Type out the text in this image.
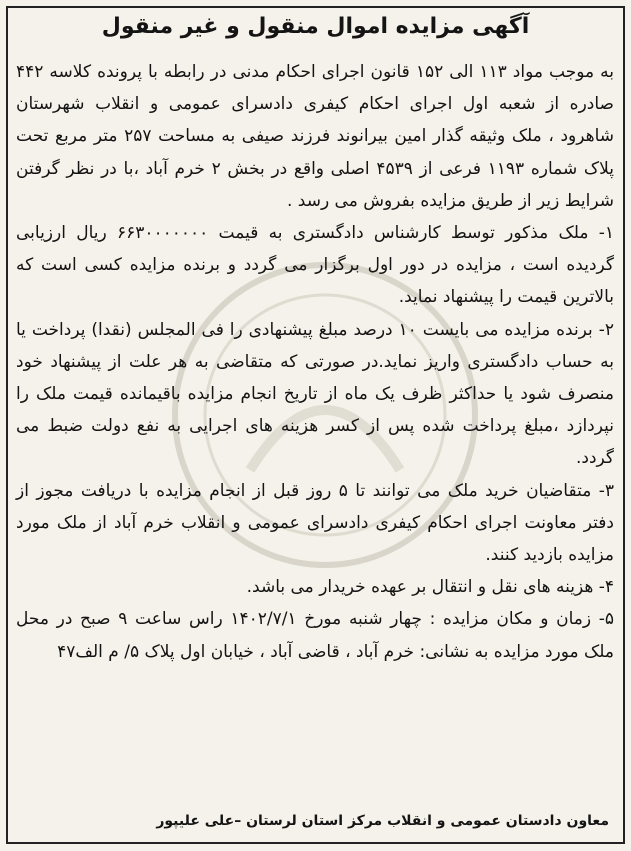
آگهی مزایده اموال منقول و غیر منقول

به موجب مواد ۱۱۳ الی ۱۵۲ قانون اجرای احکام مدنی در رابطه با پرونده کلاسه ۴۴۲ صادره از شعبه اول اجرای احکام کیفری دادسرای عمومی و انقلاب شهرستان شاهرود ، ملک وثیقه گذار امین بیرانوند فرزند صیفی به مساحت ۲۵۷ متر مربع تحت پلاک شماره ۱۱۹۳ فرعی از ۴۵۳۹ اصلی واقع در بخش ۲ خرم آباد ،با در نظر گرفتن شرایط زیر از طریق مزایده بفروش می رسد .

۱- ملک مذکور توسط کارشناس دادگستری به قیمت ۶۶۳۰۰۰۰۰۰۰ ریال ارزیابی گردیده است ، مزایده در دور اول برگزار می گردد و برنده مزایده کسی است که بالاترین قیمت را پیشنهاد نماید.

۲- برنده مزایده می بایست ۱۰ درصد مبلغ پیشنهادی را فی المجلس (نقدا) پرداخت یا به حساب دادگستری واریز نماید.در صورتی که متقاضی به هر علت از پیشنهاد خود منصرف شود یا حداکثر ظرف یک ماه از تاریخ انجام مزایده باقیمانده قیمت ملک را نپردازد ،مبلغ پرداخت شده پس از کسر هزینه های اجرایی به نفع دولت ضبط می گردد.

۳- متقاضیان خرید ملک می توانند تا ۵ روز قبل از انجام مزایده با دریافت مجوز از دفتر معاونت اجرای احکام کیفری دادسرای عمومی و انقلاب خرم آباد از ملک مورد مزایده بازدید کنند.

۴- هزینه های نقل و انتقال بر عهده خریدار می باشد.

۵- زمان و مکان مزایده : چهار شنبه مورخ ۱۴۰۲/۷/۱ راس ساعت ۹ صبح در محل ملک مورد مزایده به نشانی: خرم آباد ، قاضی آباد ، خیابان اول پلاک ۵/ م الف۴۷

معاون دادستان عمومی و انقلاب مرکز استان لرستان –علی علیپور
